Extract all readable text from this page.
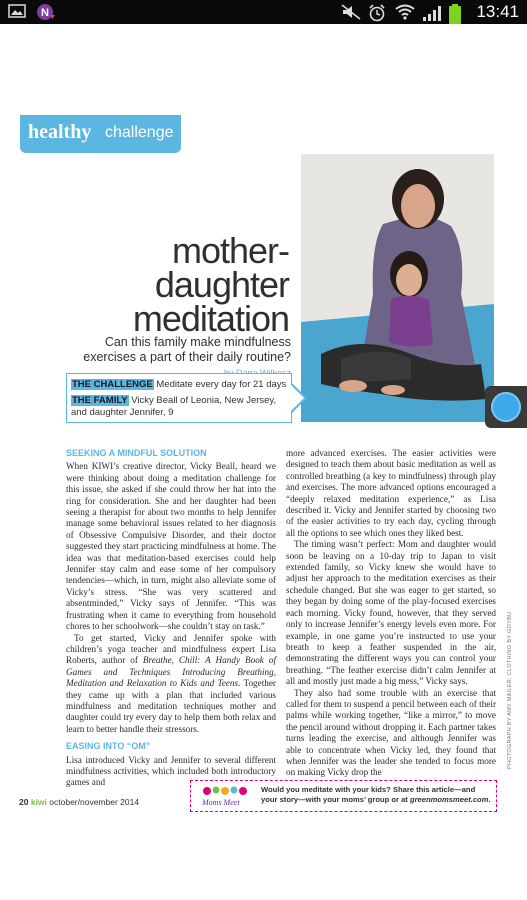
N	13:41
healthy challenge
mother-
daughter
meditation
Can this family make mindfulness exercises a part of their daily routine?
THE CHALLENGE Meditate every day for 21 days
THE FAMILY Vicky Beall of Leonia, New Jersey, and daughter Jennifer, 9
SEEKING A MINDFUL SOLUTION

When KIWI’s creative director, Vicky Beall, heard we were thinking about doing a meditation challenge for this issue, she asked if she could throw her hat into the ring for consideration. She and her daughter had been seeing a therapist for about two months to help Jennifer manage some behavioral issues related to her diagnosis of Obsessive Compulsive Disorder, and their doctor suggested they start practicing mindfulness at home. The idea was that meditation-based exercises could help Jennifer stay calm and ease some of her compulsory tendencies—which, in turn, might also alleviate some of Vicky’s stress. “She was very scattered and absentminded,” Vicky says of Jennifer. “This was frustrating when it came to everything from household chores to her schoolwork—she couldn’t stay on task.”

To get started, Vicky and Jennifer spoke with children’s yoga teacher and mindfulness expert Lisa Roberts, author of Breathe, Chill: A Handy Book of Games and Techniques Introducing Breathing, Meditation and Relaxation to Kids and Teens. Together they came up with a plan that included various mindfulness and meditation techniques mother and daughter could try every day to help them both relax and learn to better handle their stressors.

EASING INTO “OM”

Lisa introduced Vicky and Jennifer to several different mindfulness activities, which included both introductory games and

more advanced exercises. The easier activities were designed to teach them about basic meditation as well as controlled breathing (a key to mindfulness) through play and exercises. The more advanced options encouraged a “deeply relaxed meditation experience,” as Lisa described it. Vicky and Jennifer started by choosing two of the easier activities to try each day, cycling through all the options to see which ones they liked best.

The timing wasn’t perfect: Mom and daughter would soon be leaving on a 10-day trip to Japan to visit extended family, so Vicky knew she would have to adjust her approach to the meditation exercises as their schedule changed. But she was eager to get started, so they began by doing some of the play-focused exercises each morning. Vicky found, however, that they served only to increase Jennifer’s energy levels even more. For example, in one game you’re instructed to use your breath to keep a feather suspended in the air, demonstrating the different ways you can control your breathing. “The feather exercise didn’t calm Jennifer at all and mostly just made a big mess,” Vicky says.

They also had some trouble with an exercise that called for them to suspend a pencil between each of their palms while working together, “like a mirror,” to move the pencil around without dropping it. Each partner takes turns leading the exercise, and although Jennifer was able to concentrate when Vicky led, they found that when Jennifer was the leader she tended to focus more on making Vicky drop the

PHOTOGRAPH BY AMY MAILER; CLOTHING BY GOYBU
20 kiwi october/november 2014	Moms Meet
Would you meditate with your kids? Share this article—and your story—with your moms’ group or at greenmomsmeet.com.
